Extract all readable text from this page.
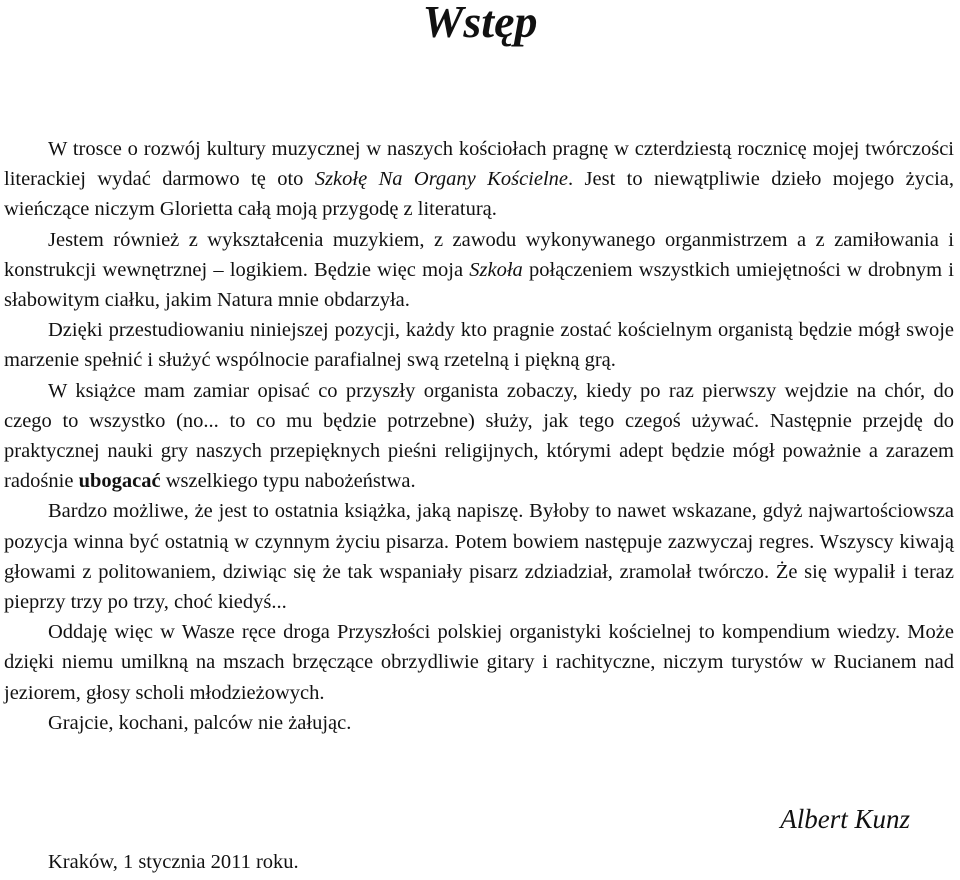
Wstęp

W trosce o rozwój kultury muzycznej w naszych kościołach pragnę w czterdziestą rocznicę mojej twórczości literackiej wydać darmowo tę oto Szkołę Na Organy Kościelne. Jest to niewątpliwie dzieło mojego życia, wieńczące niczym Glorietta całą moją przygodę z literaturą.

Jestem również z wykształcenia muzykiem, z zawodu wykonywanego organmistrzem a z zamiłowania i konstrukcji wewnętrznej – logikiem. Będzie więc moja Szkoła połączeniem wszystkich umiejętności w drobnym i słabowitym ciałku, jakim Natura mnie obdarzyła.

Dzięki przestudiowaniu niniejszej pozycji, każdy kto pragnie zostać kościelnym organistą będzie mógł swoje marzenie spełnić i służyć wspólnocie parafialnej swą rzetelną i piękną grą.

W książce mam zamiar opisać co przyszły organista zobaczy, kiedy po raz pierwszy wejdzie na chór, do czego to wszystko (no... to co mu będzie potrzebne) służy, jak tego czegoś używać. Następnie przejdę do praktycznej nauki gry naszych przepięknych pieśni religijnych, którymi adept będzie mógł poważnie a zarazem radośnie ubogacać wszelkiego typu nabożeństwa.

Bardzo możliwe, że jest to ostatnia książka, jaką napiszę. Byłoby to nawet wskazane, gdyż najwartościowsza pozycja winna być ostatnią w czynnym życiu pisarza. Potem bowiem następuje zazwyczaj regres. Wszyscy kiwają głowami z politowaniem, dziwiąc się że tak wspaniały pisarz zdziadział, zramolał twórczo. Że się wypalił i teraz pieprzy trzy po trzy, choć kiedyś...

Oddaję więc w Wasze ręce droga Przyszłości polskiej organistyki kościelnej to kompendium wiedzy. Może dzięki niemu umilkną na mszach brzęczące obrzydliwie gitary i rachityczne, niczym turystów w Rucianem nad jeziorem, głosy scholi młodzieżowych.

Grajcie, kochani, palców nie żałując.

Albert Kunz
Kraków, 1 stycznia 2011 roku.
